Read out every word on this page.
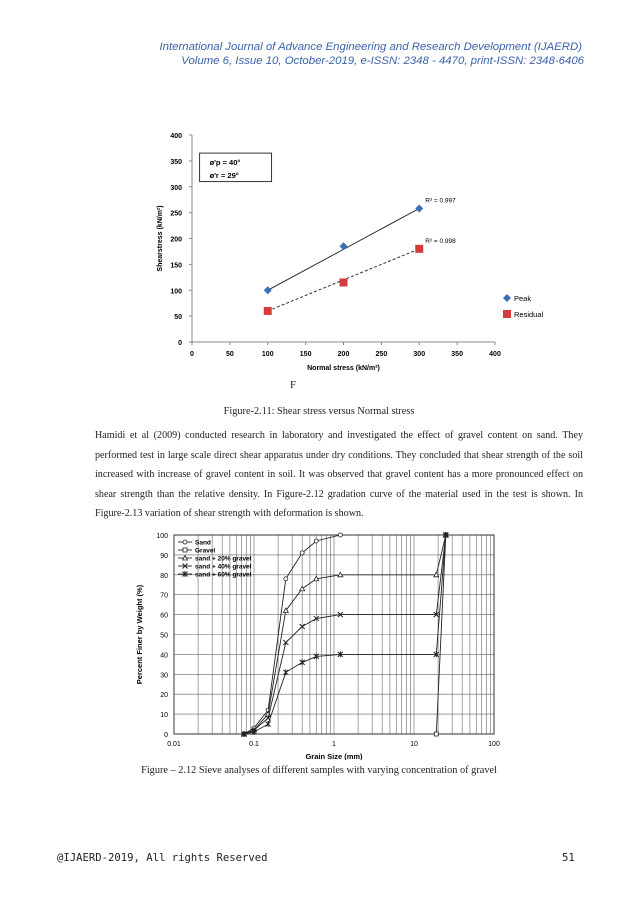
International Journal of Advance Engineering and Research Development (IJAERD)
Volume 6, Issue 10, October-2019, e-ISSN: 2348 - 4470, print-ISSN: 2348-6406
0
50
100
150
200
250
300
350
400
0	50	100	150	200	250	300	350	400
Normal stress (kN/m²)
Shearstress (kN/m²)
ø'p = 40°
ø'r = 29°
R² = 0.997
Peak
R² = 0.998
Residual
F
Figure-2.11: Shear stress versus Normal stress
Hamidi et al (2009) conducted research in laboratory and investigated the effect of gravel content on sand. They performed test in large scale direct shear apparatus under dry conditions. They concluded that shear strength of the soil increased with increase of gravel content in soil. It was observed that gravel content has a more pronounced effect on shear strength than the relative density. In Figure-2.12 gradation curve of the material used in the test is shown. In Figure-2.13 variation of shear strength with deformation is shown.
0
10
20
30
40
50
60
70
80
90
100
0.01	0.1	1	10	100
Grain Size (mm)
Percent Finer by Weight (%)
Sand
Gravel
sand + 20% gravel
sand + 40% gravel
sand + 60% gravel
Figure – 2.12 Sieve analyses of different samples with varying concentration of gravel
@IJAERD-2019, All rights Reserved	51
